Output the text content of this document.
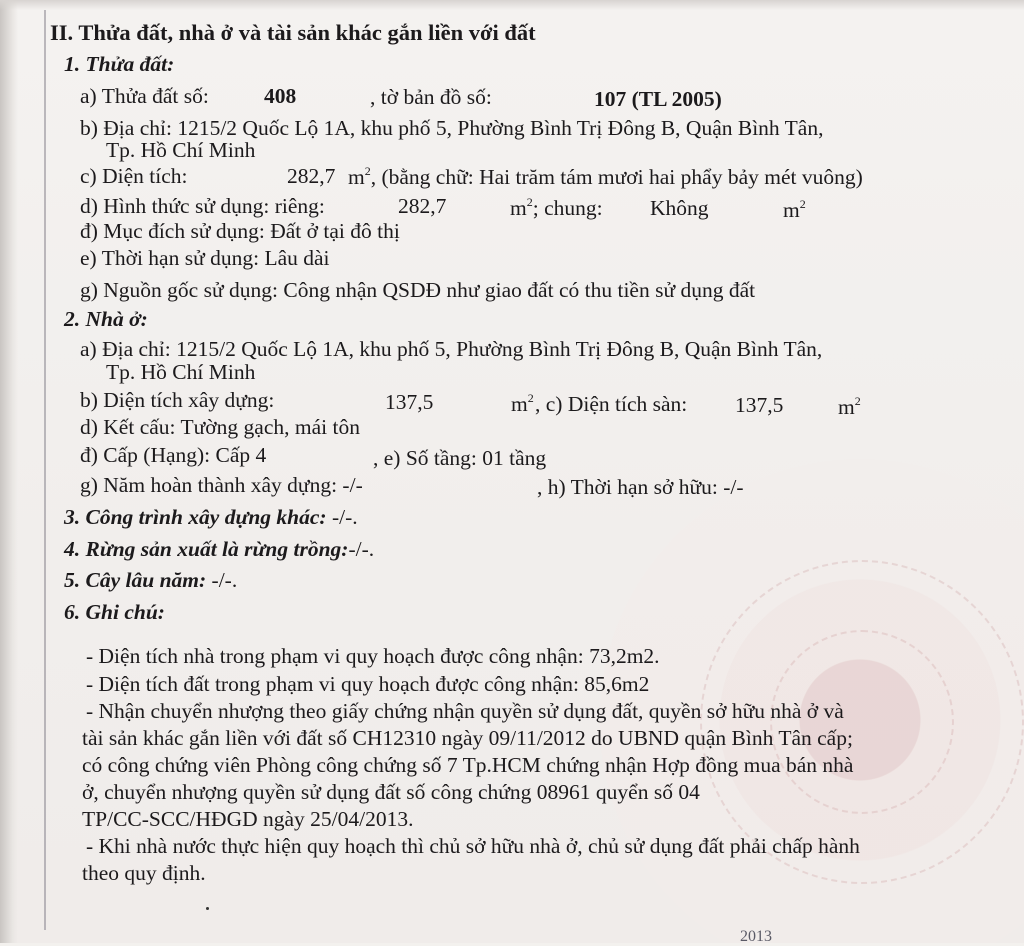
II. Thửa đất, nhà ở và tài sản khác gắn liền với đất
1. Thửa đất:
a) Thửa đất số:	408	, tờ bản đồ số:	107 (TL 2005)
b) Địa chỉ: 1215/2 Quốc Lộ 1A, khu phố 5, Phường Bình Trị Đông B, Quận Bình Tân,
Tp. Hồ Chí Minh
c) Diện tích:	282,7 $m^2$, (bằng chữ: Hai trăm tám mươi hai phẩy bảy mét vuông)
d) Hình thức sử dụng: riêng:	282,7	$m^2$; chung: Không	$m^2$
đ) Mục đích sử dụng: Đất ở tại đô thị
e) Thời hạn sử dụng: Lâu dài
g) Nguồn gốc sử dụng: Công nhận QSDĐ như giao đất có thu tiền sử dụng đất
2. Nhà ở:
a) Địa chỉ: 1215/2 Quốc Lộ 1A, khu phố 5, Phường Bình Trị Đông B, Quận Bình Tân,
Tp. Hồ Chí Minh
b) Diện tích xây dựng:	137,5	$m^2$ , c) Diện tích sàn: 137,5	$m^2$
d) Kết cấu: Tường gạch, mái tôn
đ) Cấp (Hạng): Cấp 4	, e) Số tầng: 01 tầng
g) Năm hoàn thành xây dựng: -/-	, h) Thời hạn sở hữu: -/-
3. Công trình xây dựng khác: -/-.
4. Rừng sản xuất là rừng trồng:-/-.
5. Cây lâu năm: -/-.
6. Ghi chú:
- Diện tích nhà trong phạm vi quy hoạch được công nhận: 73,2m2.
- Diện tích đất trong phạm vi quy hoạch được công nhận: 85,6m2
- Nhận chuyển nhượng theo giấy chứng nhận quyền sử dụng đất, quyền sở hữu nhà ở và
tài sản khác gắn liền với đất số CH12310 ngày 09/11/2012 do UBND quận Bình Tân cấp;
có công chứng viên Phòng công chứng số 7 Tp.HCM chứng nhận Hợp đồng mua bán nhà
ở, chuyển nhượng quyền sử dụng đất số công chứng 08961 quyển số 04
TP/CC-SCC/HĐGD ngày 25/04/2013.
- Khi nhà nước thực hiện quy hoạch thì chủ sở hữu nhà ở, chủ sử dụng đất phải chấp hành
theo quy định.
2013
